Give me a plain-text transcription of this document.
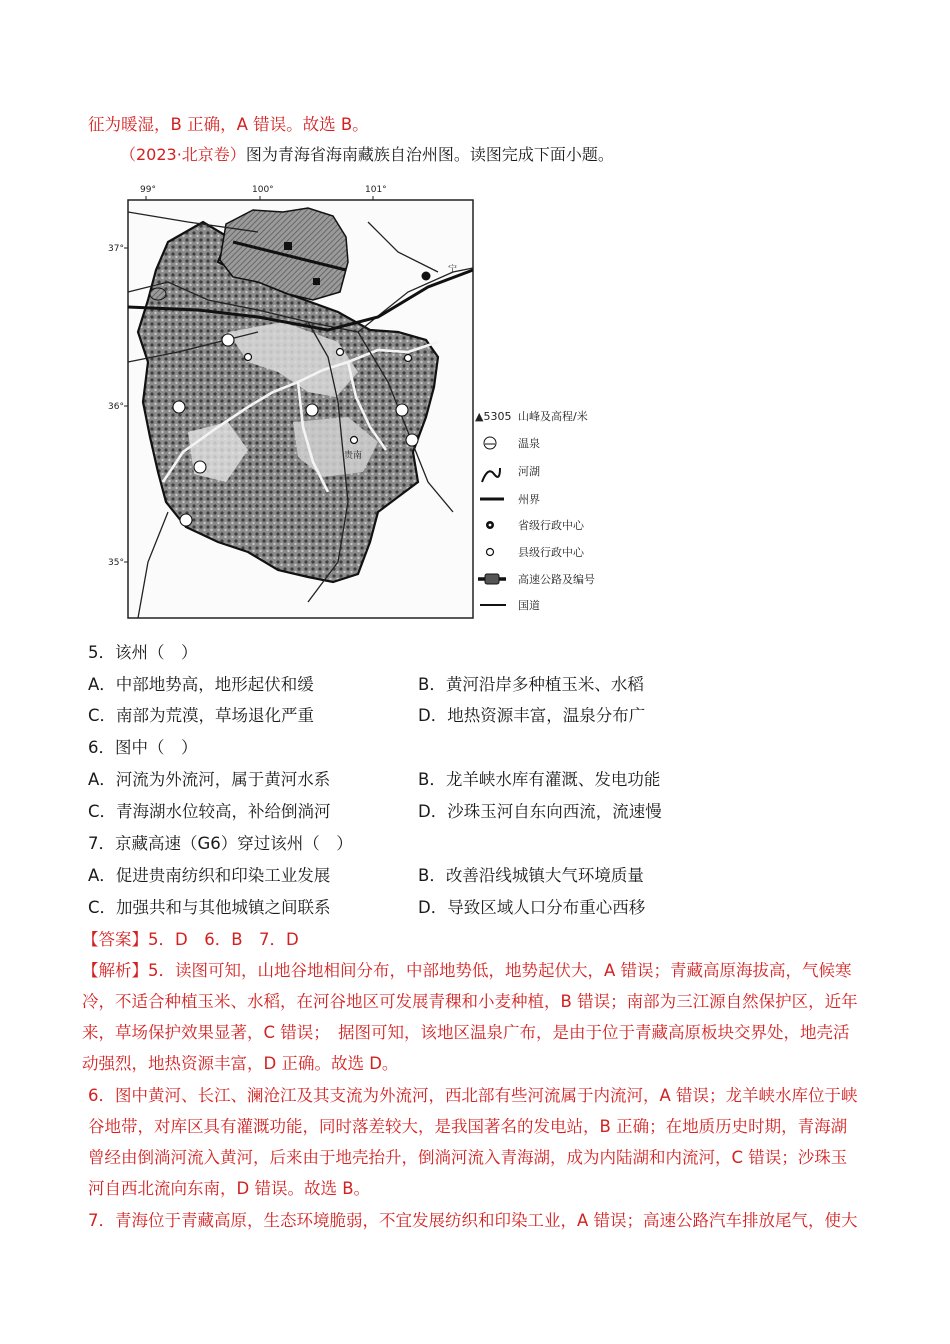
征为暖湿，B 正确，A 错误。故选 B。
（2023·北京卷）图为青海省海南藏族自治州图。读图完成下面小题。
99°	100°	101°
37°
36°
35°
宁
贵南
▲5305 山峰及高程/米
温泉
河湖
州界
省级行政中心
县级行政中心
高速公路及编号
国道
5．该州（　）
A．中部地势高，地形起伏和缓	B．黄河沿岸多种植玉米、水稻
C．南部为荒漠，草场退化严重	D．地热资源丰富，温泉分布广
6．图中（　）
A．河流为外流河，属于黄河水系	B．龙羊峡水库有灌溉、发电功能
C．青海湖水位较高，补给倒淌河	D．沙珠玉河自东向西流，流速慢
7．京藏高速（G6）穿过该州（　）
A．促进贵南纺织和印染工业发展	B．改善沿线城镇大气环境质量
C．加强共和与其他城镇之间联系	D．导致区域人口分布重心西移
【答案】5．D　6．B　7．D
【解析】5．读图可知，山地谷地相间分布，中部地势低，地势起伏大，A 错误；青藏高原海拔高，气候寒冷，不适合种植玉米、水稻，在河谷地区可发展青稞和小麦种植，B 错误；南部为三江源自然保护区，近年来，草场保护效果显著，C 错误；　据图可知，该地区温泉广布，是由于位于青藏高原板块交界处，地壳活动强烈，地热资源丰富，D 正确。故选 D。
6．图中黄河、长江、澜沧江及其支流为外流河，西北部有些河流属于内流河，A 错误；龙羊峡水库位于峡谷地带，对库区具有灌溉功能，同时落差较大，是我国著名的发电站，B 正确；在地质历史时期，青海湖曾经由倒淌河流入黄河，后来由于地壳抬升，倒淌河流入青海湖，成为内陆湖和内流河，C 错误；沙珠玉河自西北流向东南，D 错误。故选 B。
7．青海位于青藏高原，生态环境脆弱，不宜发展纺织和印染工业，A 错误；高速公路汽车排放尾气，使大
